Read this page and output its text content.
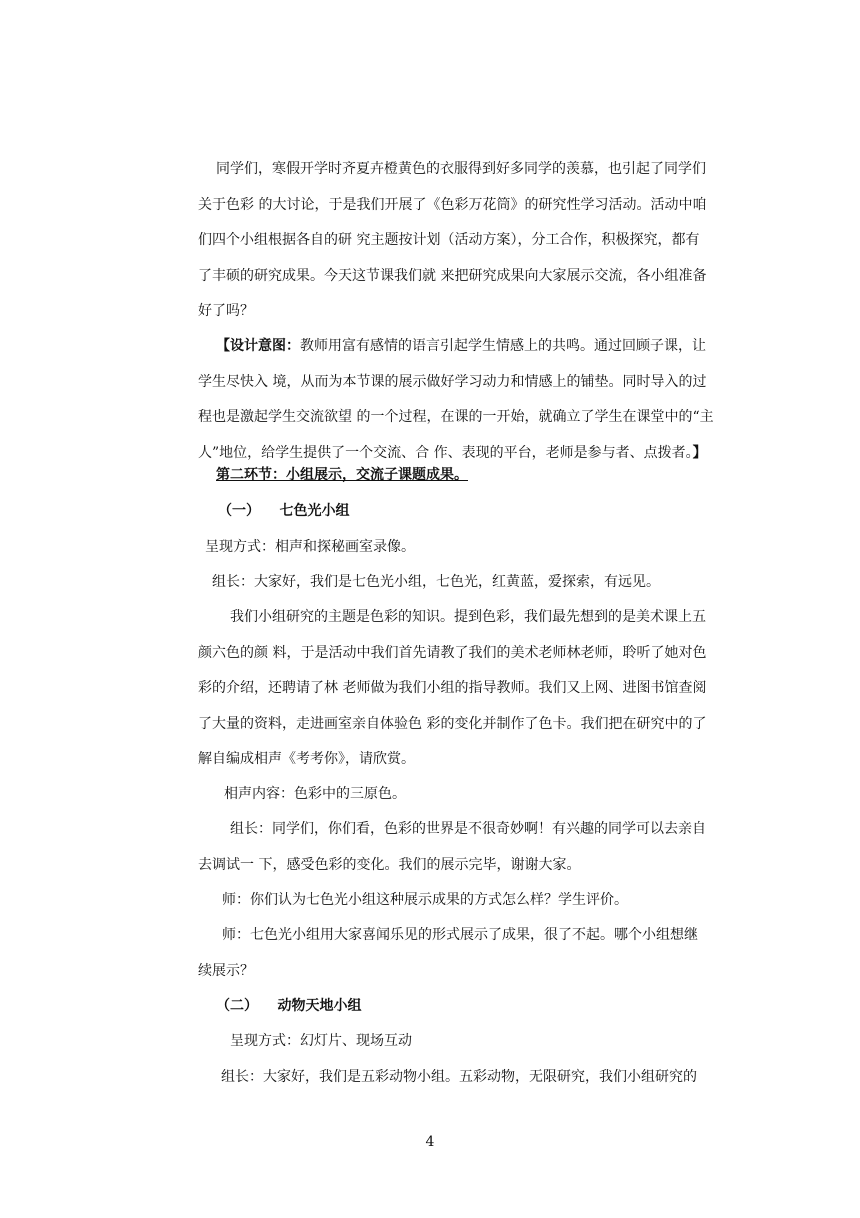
同学们，寒假开学时齐夏卉橙黄色的衣服得到好多同学的羡慕，也引起了同学们
关于色彩 的大讨论，于是我们开展了《色彩万花筒》的研究性学习活动。活动中咱
们四个小组根据各自的研 究主题按计划（活动方案），分工合作，积极探究，都有
了丰硕的研究成果。今天这节课我们就 来把研究成果向大家展示交流，各小组准备
好了吗？
【设计意图：教师用富有感情的语言引起学生情感上的共鸣。通过回顾子课，让
学生尽快入 境，从而为本节课的展示做好学习动力和情感上的铺垫。同时导入的过
程也是激起学生交流欲望 的一个过程，在课的一开始，就确立了学生在课堂中的“主
人”地位，给学生提供了一个交流、合 作、表现的平台，老师是参与者、点拨者。】
第二环节：小组展示，交流子课题成果。
（一）    七色光小组
呈现方式：相声和探秘画室录像。
组长：大家好，我们是七色光小组，七色光，红黄蓝，爱探索，有远见。
我们小组研究的主题是色彩的知识。提到色彩，我们最先想到的是美术课上五
颜六色的颜 料，于是活动中我们首先请教了我们的美术老师林老师，聆听了她对色
彩的介绍，还聘请了林 老师做为我们小组的指导教师。我们又上网、进图书馆查阅
了大量的资料，走进画室亲自体验色 彩的变化并制作了色卡。我们把在研究中的了
解自编成相声《考考你》，请欣赏。
相声内容：色彩中的三原色。
组长：同学们，你们看，色彩的世界是不很奇妙啊！有兴趣的同学可以去亲自
去调试一 下，感受色彩的变化。我们的展示完毕，谢谢大家。
师：你们认为七色光小组这种展示成果的方式怎么样？学生评价。
师：七色光小组用大家喜闻乐见的形式展示了成果，很了不起。哪个小组想继
续展示？
（二）    动物天地小组
呈现方式：幻灯片、现场互动
组长：大家好，我们是五彩动物小组。五彩动物，无限研究，我们小组研究的
4
